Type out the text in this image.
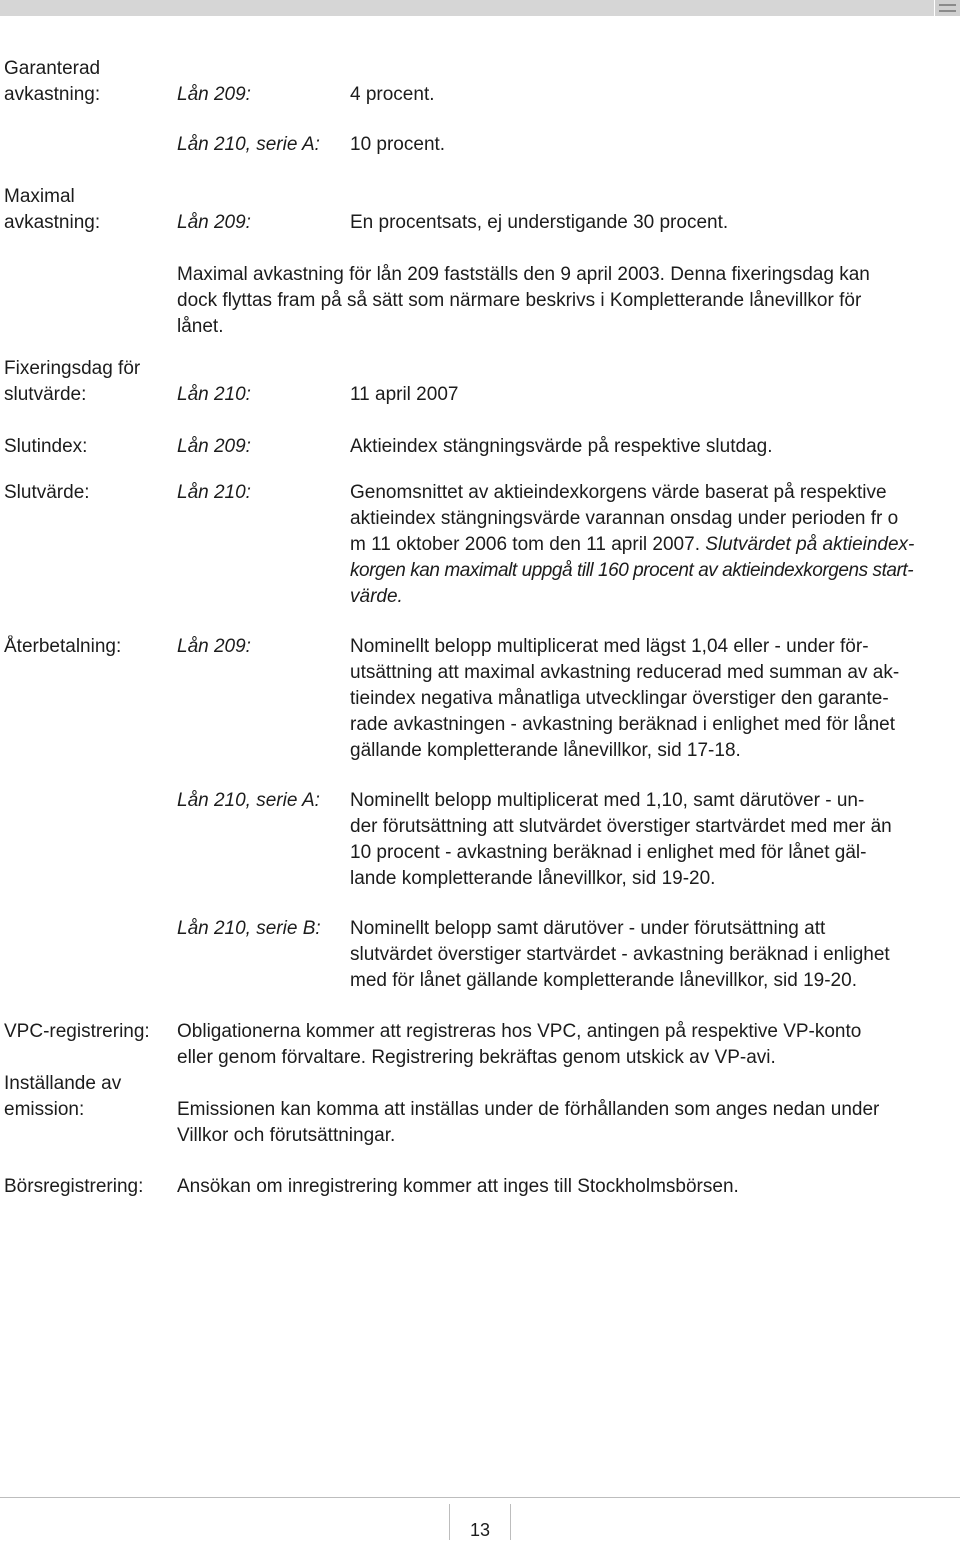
Garanterad
avkastning:	Lån 209:	4 procent.
Lån 210, serie A: 10 procent.
Maximal
avkastning:	Lån 209:	En procentsats, ej understigande 30 procent.
Maximal avkastning för lån 209 fastställs den 9 april 2003. Denna fixeringsdag kan
dock flyttas fram på så sätt som närmare beskrivs i Kompletterande lånevillkor för
lånet.
Fixeringsdag för
slutvärde:	Lån 210:	11 april 2007
Slutindex:	Lån 209:	Aktieindex stängningsvärde på respektive slutdag.
Slutvärde:	Lån 210:	Genomsnittet av aktieindexkorgens värde baserat på respektive
aktieindex stängningsvärde varannan onsdag under perioden fr o
m 11 oktober 2006 tom den 11 april 2007. Slutvärdet på aktieindex-
korgen kan maximalt uppgå till 160 procent av aktieindexkorgens start-
värde.
Återbetalning:	Lån 209:	Nominellt belopp multiplicerat med lägst 1,04 eller - under för-
utsättning att maximal avkastning reducerad med summan av ak-
tieindex negativa månatliga utvecklingar överstiger den garante-
rade avkastningen - avkastning beräknad i enlighet med för lånet
gällande kompletterande lånevillkor, sid 17-18.
Lån 210, serie A: Nominellt belopp multiplicerat med 1,10, samt därutöver - un-
der förutsättning att slutvärdet överstiger startvärdet med mer än
10 procent - avkastning beräknad i enlighet med för lånet gäl-
lande kompletterande lånevillkor, sid 19-20.
Lån 210, serie B: Nominellt belopp samt därutöver - under förutsättning att
slutvärdet överstiger startvärdet - avkastning beräknad i enlighet
med för lånet gällande kompletterande lånevillkor, sid 19-20.
VPC-registrering: Obligationerna kommer att registreras hos VPC, antingen på respektive VP-konto
eller genom förvaltare. Registrering bekräftas genom utskick av VP-avi.
Inställande av
emission:	Emissionen kan komma att inställas under de förhållanden som anges nedan under
Villkor och förutsättningar.
Börsregistrering: Ansökan om inregistrering kommer att inges till Stockholmsbörsen.
13
